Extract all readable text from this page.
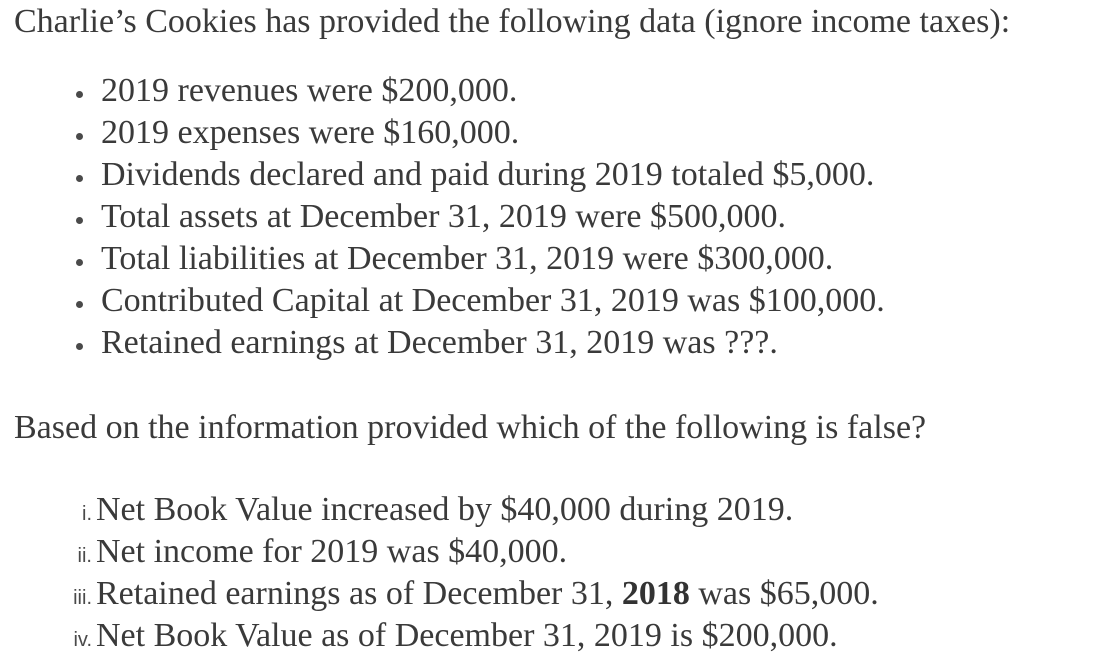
Charlie’s Cookies has provided the following data (ignore income taxes):

2019 revenues were $200,000.
2019 expenses were $160,000.
Dividends declared and paid during 2019 totaled $5,000.
Total assets at December 31, 2019 were $500,000.
Total liabilities at December 31, 2019 were $300,000.
Contributed Capital at December 31, 2019 was $100,000.
Retained earnings at December 31, 2019 was ???.

Based on the information provided which of the following is false?

i. Net Book Value increased by $40,000 during 2019.
ii. Net income for 2019 was $40,000.
iii. Retained earnings as of December 31, 2018 was $65,000.
iv. Net Book Value as of December 31, 2019 is $200,000.
